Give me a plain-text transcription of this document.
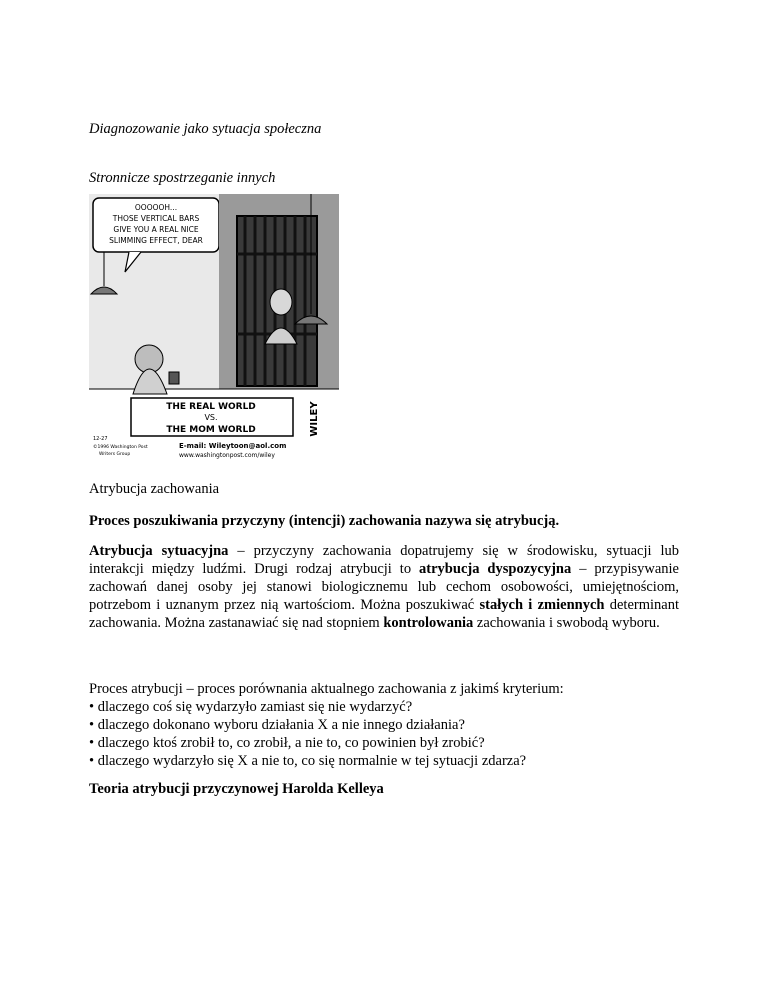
Diagnozowanie jako sytuacja społeczna
Stronnicze spostrzeganie innych
OOOOOH...
THOSE VERTICAL BARS
GIVE YOU A REAL NICE
SLIMMING EFFECT, DEAR
THE REAL WORLD
VS.
THE MOM WORLD	WILEY
12-27
©1996 Washington Post
Writers Group
E-mail: Wileytoon@aol.com
www.washingtonpost.com/wiley
Atrybucja zachowania
Proces poszukiwania przyczyny (intencji) zachowania nazywa się atrybucją.
Atrybucja sytuacyjna – przyczyny zachowania dopatrujemy się w środowisku, sytuacji lub interakcji między ludźmi. Drugi rodzaj atrybucji to atrybucja dyspozycyjna – przypisywanie zachowań danej osoby jej stanowi biologicznemu lub cechom osobowości, umiejętnościom, potrzebom i uznanym przez nią wartościom. Można poszukiwać stałych i zmiennych determinant zachowania. Można zastanawiać się nad stopniem kontrolowania zachowania i swobodą wyboru.
Proces atrybucji – proces porównania aktualnego zachowania z jakimś kryterium:
• dlaczego coś się wydarzyło zamiast się nie wydarzyć?
• dlaczego dokonano wyboru działania X a nie innego działania?
• dlaczego ktoś zrobił to, co zrobił, a nie to, co powinien był zrobić?
• dlaczego wydarzyło się X a nie to, co się normalnie w tej sytuacji zdarza?
Teoria atrybucji przyczynowej Harolda Kelleya
